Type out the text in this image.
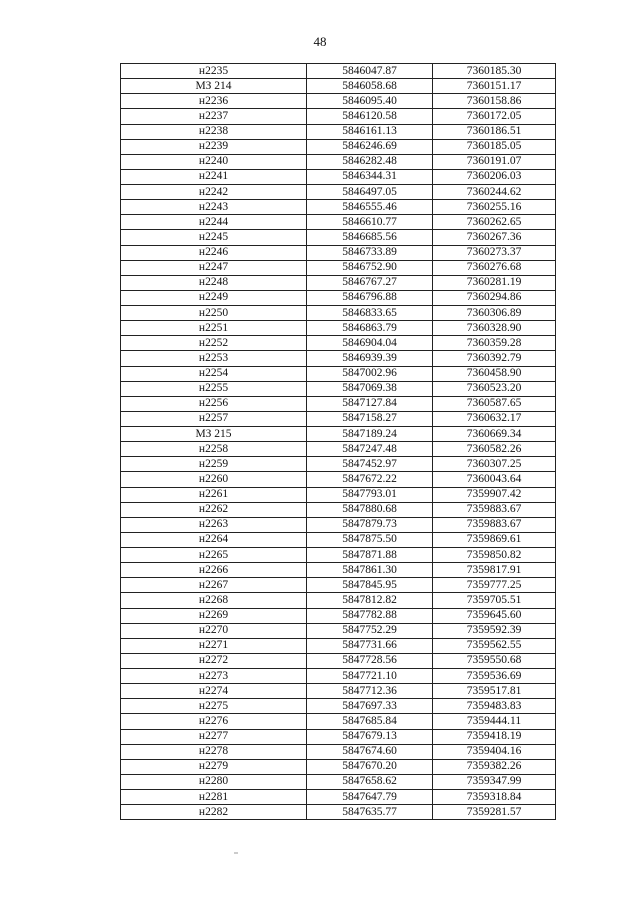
48
н2235	5846047.87	7360185.30
МЗ 214	5846058.68	7360151.17
н2236	5846095.40	7360158.86
н2237	5846120.58	7360172.05
н2238	5846161.13	7360186.51
н2239	5846246.69	7360185.05
н2240	5846282.48	7360191.07
н2241	5846344.31	7360206.03
н2242	5846497.05	7360244.62
н2243	5846555.46	7360255.16
н2244	5846610.77	7360262.65
н2245	5846685.56	7360267.36
н2246	5846733.89	7360273.37
н2247	5846752.90	7360276.68
н2248	5846767.27	7360281.19
н2249	5846796.88	7360294.86
н2250	5846833.65	7360306.89
н2251	5846863.79	7360328.90
н2252	5846904.04	7360359.28
н2253	5846939.39	7360392.79
н2254	5847002.96	7360458.90
н2255	5847069.38	7360523.20
н2256	5847127.84	7360587.65
н2257	5847158.27	7360632.17
МЗ 215	5847189.24	7360669.34
н2258	5847247.48	7360582.26
н2259	5847452.97	7360307.25
н2260	5847672.22	7360043.64
н2261	5847793.01	7359907.42
н2262	5847880.68	7359883.67
н2263	5847879.73	7359883.67
н2264	5847875.50	7359869.61
н2265	5847871.88	7359850.82
н2266	5847861.30	7359817.91
н2267	5847845.95	7359777.25
н2268	5847812.82	7359705.51
н2269	5847782.88	7359645.60
н2270	5847752.29	7359592.39
н2271	5847731.66	7359562.55
н2272	5847728.56	7359550.68
н2273	5847721.10	7359536.69
н2274	5847712.36	7359517.81
н2275	5847697.33	7359483.83
н2276	5847685.84	7359444.11
н2277	5847679.13	7359418.19
н2278	5847674.60	7359404.16
н2279	5847670.20	7359382.26
н2280	5847658.62	7359347.99
н2281	5847647.79	7359318.84
н2282	5847635.77	7359281.57
